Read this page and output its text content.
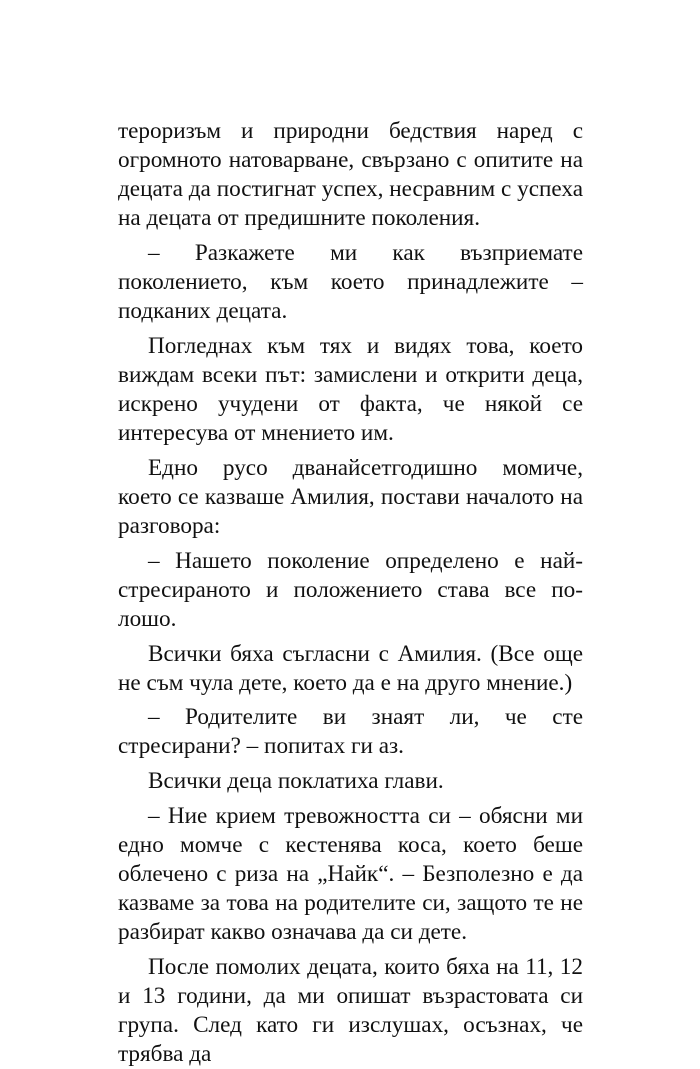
тероризъм и природни бедствия наред с огромното натоварване, свързано с опитите на децата да постигнат успех, несравним с успеха на децата от предишните поколения.

– Разкажете ми как възприемате поколението, към което принадлежите – подканих децата.

Погледнах към тях и видях това, което виждам всеки път: замислени и открити деца, искрено учудени от факта, че някой се интересува от мнението им.

Едно русо дванайсетгодишно момиче, което се казваше Амилия, постави началото на разговора:

– Нашето поколение определено е най-стресираното и положението става все по-лошо.

Всички бяха съгласни с Амилия. (Все още не съм чула дете, което да е на друго мнение.)

– Родителите ви знаят ли, че сте стресирани? – попитах ги аз.

Всички деца поклатиха глави.

– Ние крием тревожността си – обясни ми едно момче с кестенява коса, което беше облечено с риза на „Найк“. – Безполезно е да казваме за това на родителите си, защото те не разбират какво означава да си дете.

После помолих децата, които бяха на 11, 12 и 13 години, да ми опишат възрастовата си група. След като ги изслушах, осъзнах, че трябва да
